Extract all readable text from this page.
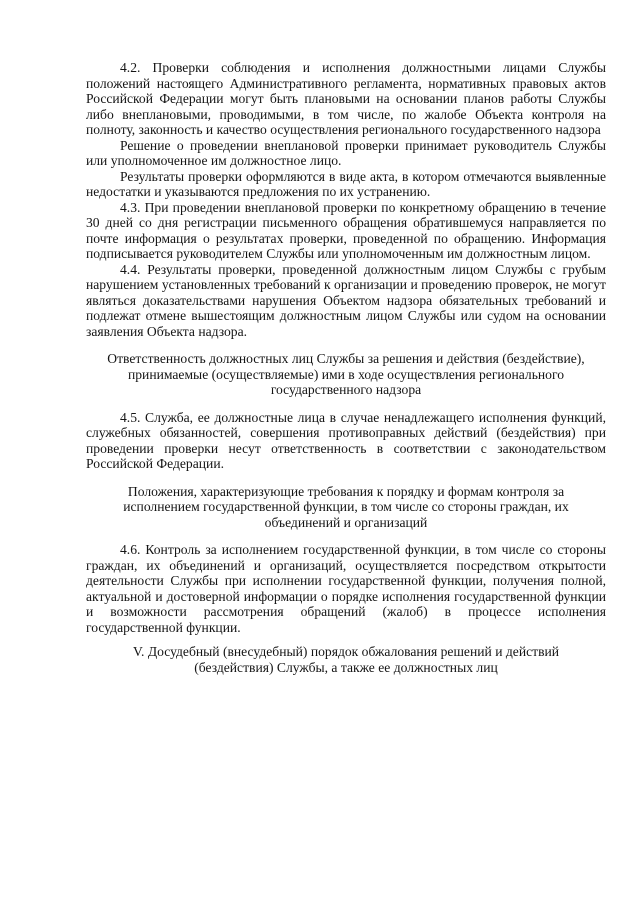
4.2. Проверки соблюдения и исполнения должностными лицами Службы положений настоящего Административного регламента, нормативных правовых актов Российской Федерации могут быть плановыми на основании планов работы Службы либо внеплановыми, проводимыми, в том числе, по жалобе Объекта контроля на полноту, законность и качество осуществления регионального государственного надзора

Решение о проведении внеплановой проверки принимает руководитель Службы или уполномоченное им должностное лицо.

Результаты проверки оформляются в виде акта, в котором отмечаются выявленные недостатки и указываются предложения по их устранению.

4.3. При проведении внеплановой проверки по конкретному обращению в течение 30 дней со дня регистрации письменного обращения обратившемуся направляется по почте информация о результатах проверки, проведенной по обращению. Информация подписывается руководителем Службы или уполномоченным им должностным лицом.

4.4. Результаты проверки, проведенной должностным лицом Службы с грубым нарушением установленных требований к организации и проведению проверок, не могут являться доказательствами нарушения Объектом надзора обязательных требований и подлежат отмене вышестоящим должностным лицом Службы или судом на основании заявления Объекта надзора.

Ответственность должностных лиц Службы за решения и действия (бездействие), принимаемые (осуществляемые) ими в ходе осуществления регионального государственного надзора

4.5. Служба, ее должностные лица в случае ненадлежащего исполнения функций, служебных обязанностей, совершения противоправных действий (бездействия) при проведении проверки несут ответственность в соответствии с законодательством Российской Федерации.

Положения, характеризующие требования к порядку и формам контроля за исполнением государственной функции, в том числе со стороны граждан, их объединений и организаций

4.6. Контроль за исполнением государственной функции, в том числе со стороны граждан, их объединений и организаций, осуществляется посредством открытости деятельности Службы при исполнении государственной функции, получения полной, актуальной и достоверной информации о порядке исполнения государственной функции и возможности рассмотрения обращений (жалоб) в процессе исполнения государственной функции.

V. Досудебный (внесудебный) порядок обжалования решений и действий (бездействия) Службы, а также ее должностных лиц
